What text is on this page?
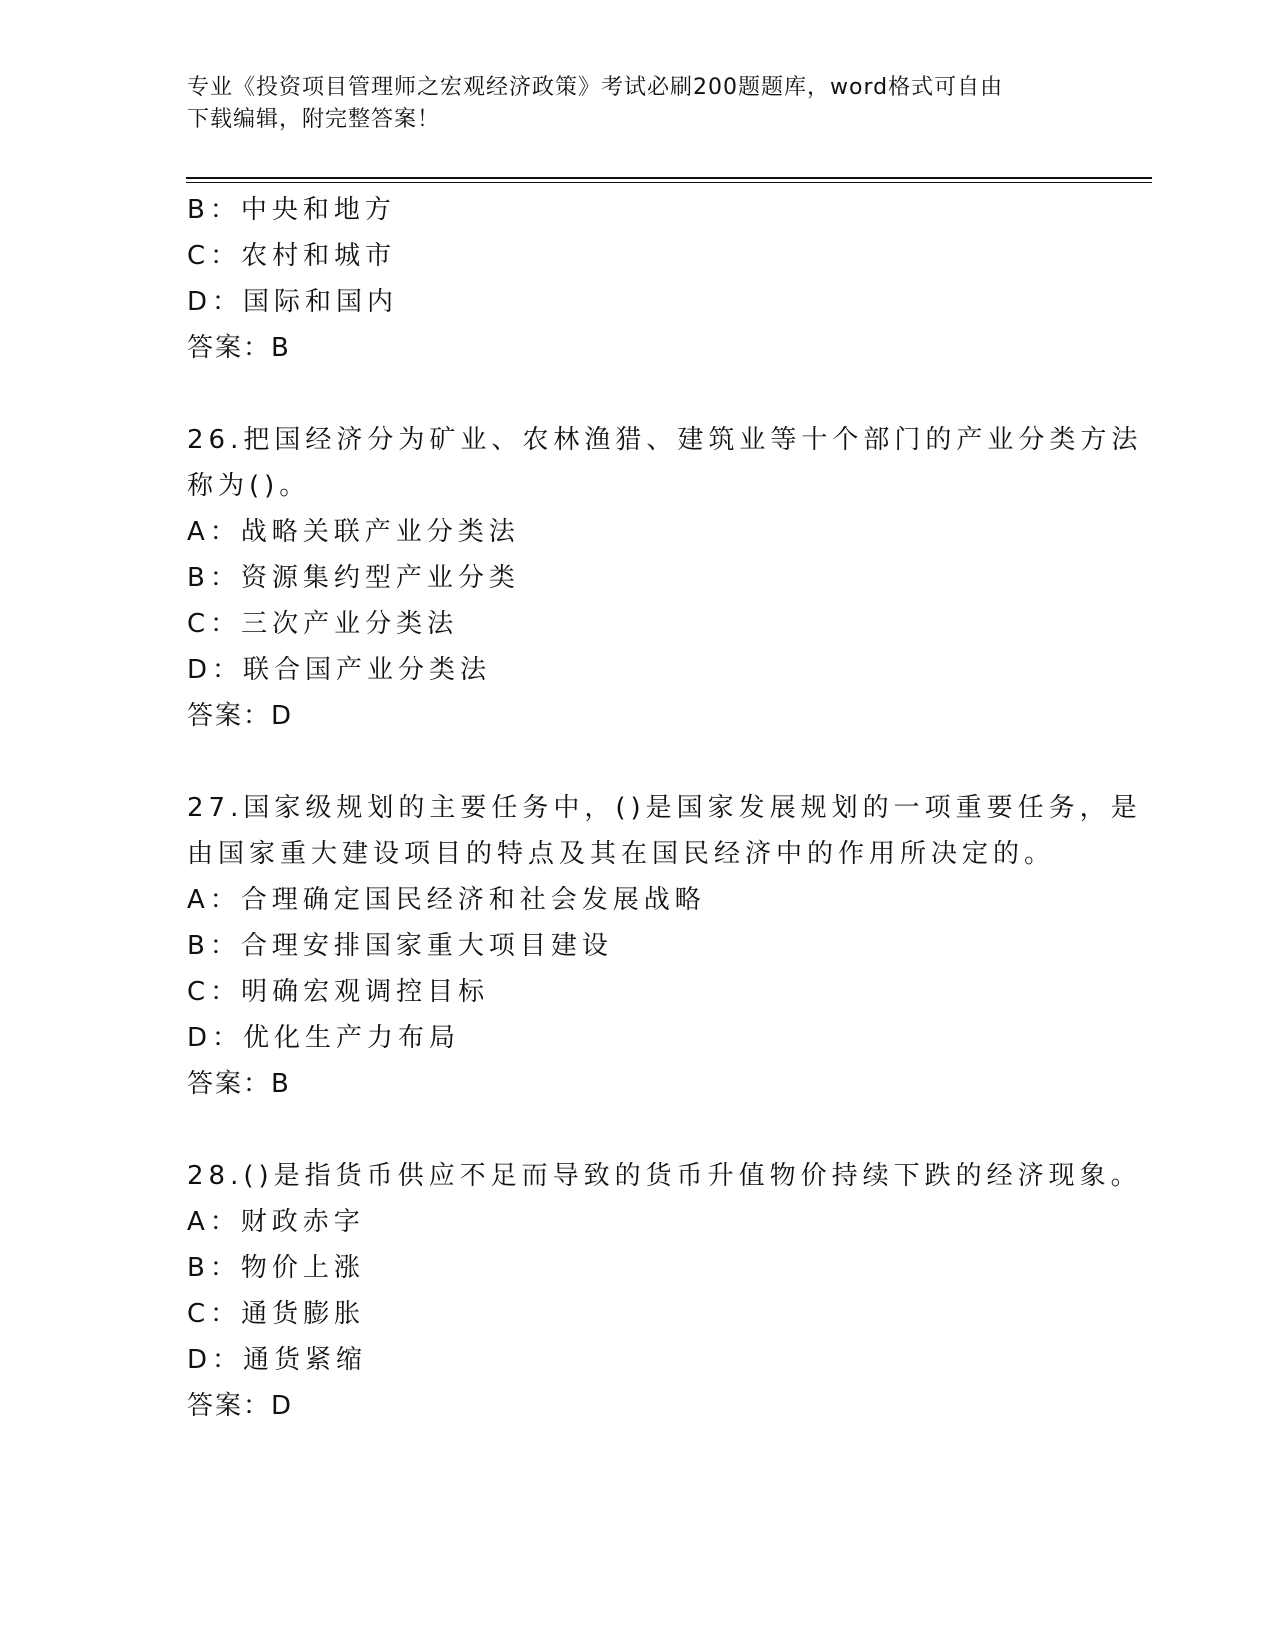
专业《投资项目管理师之宏观经济政策》考试必刷200题题库，word格式可自由
下载编辑，附完整答案！
B：中央和地方
C：农村和城市
D：国际和国内
答案：B
26.把国经济分为矿业、农林渔猎、建筑业等十个部门的产业分类方法
称为()。
A：战略关联产业分类法
B：资源集约型产业分类
C：三次产业分类法
D：联合国产业分类法
答案：D
27.国家级规划的主要任务中，()是国家发展规划的一项重要任务，是
由国家重大建设项目的特点及其在国民经济中的作用所决定的。
A：合理确定国民经济和社会发展战略
B：合理安排国家重大项目建设
C：明确宏观调控目标
D：优化生产力布局
答案：B
28.()是指货币供应不足而导致的货币升值物价持续下跌的经济现象。
A：财政赤字
B：物价上涨
C：通货膨胀
D：通货紧缩
答案：D
